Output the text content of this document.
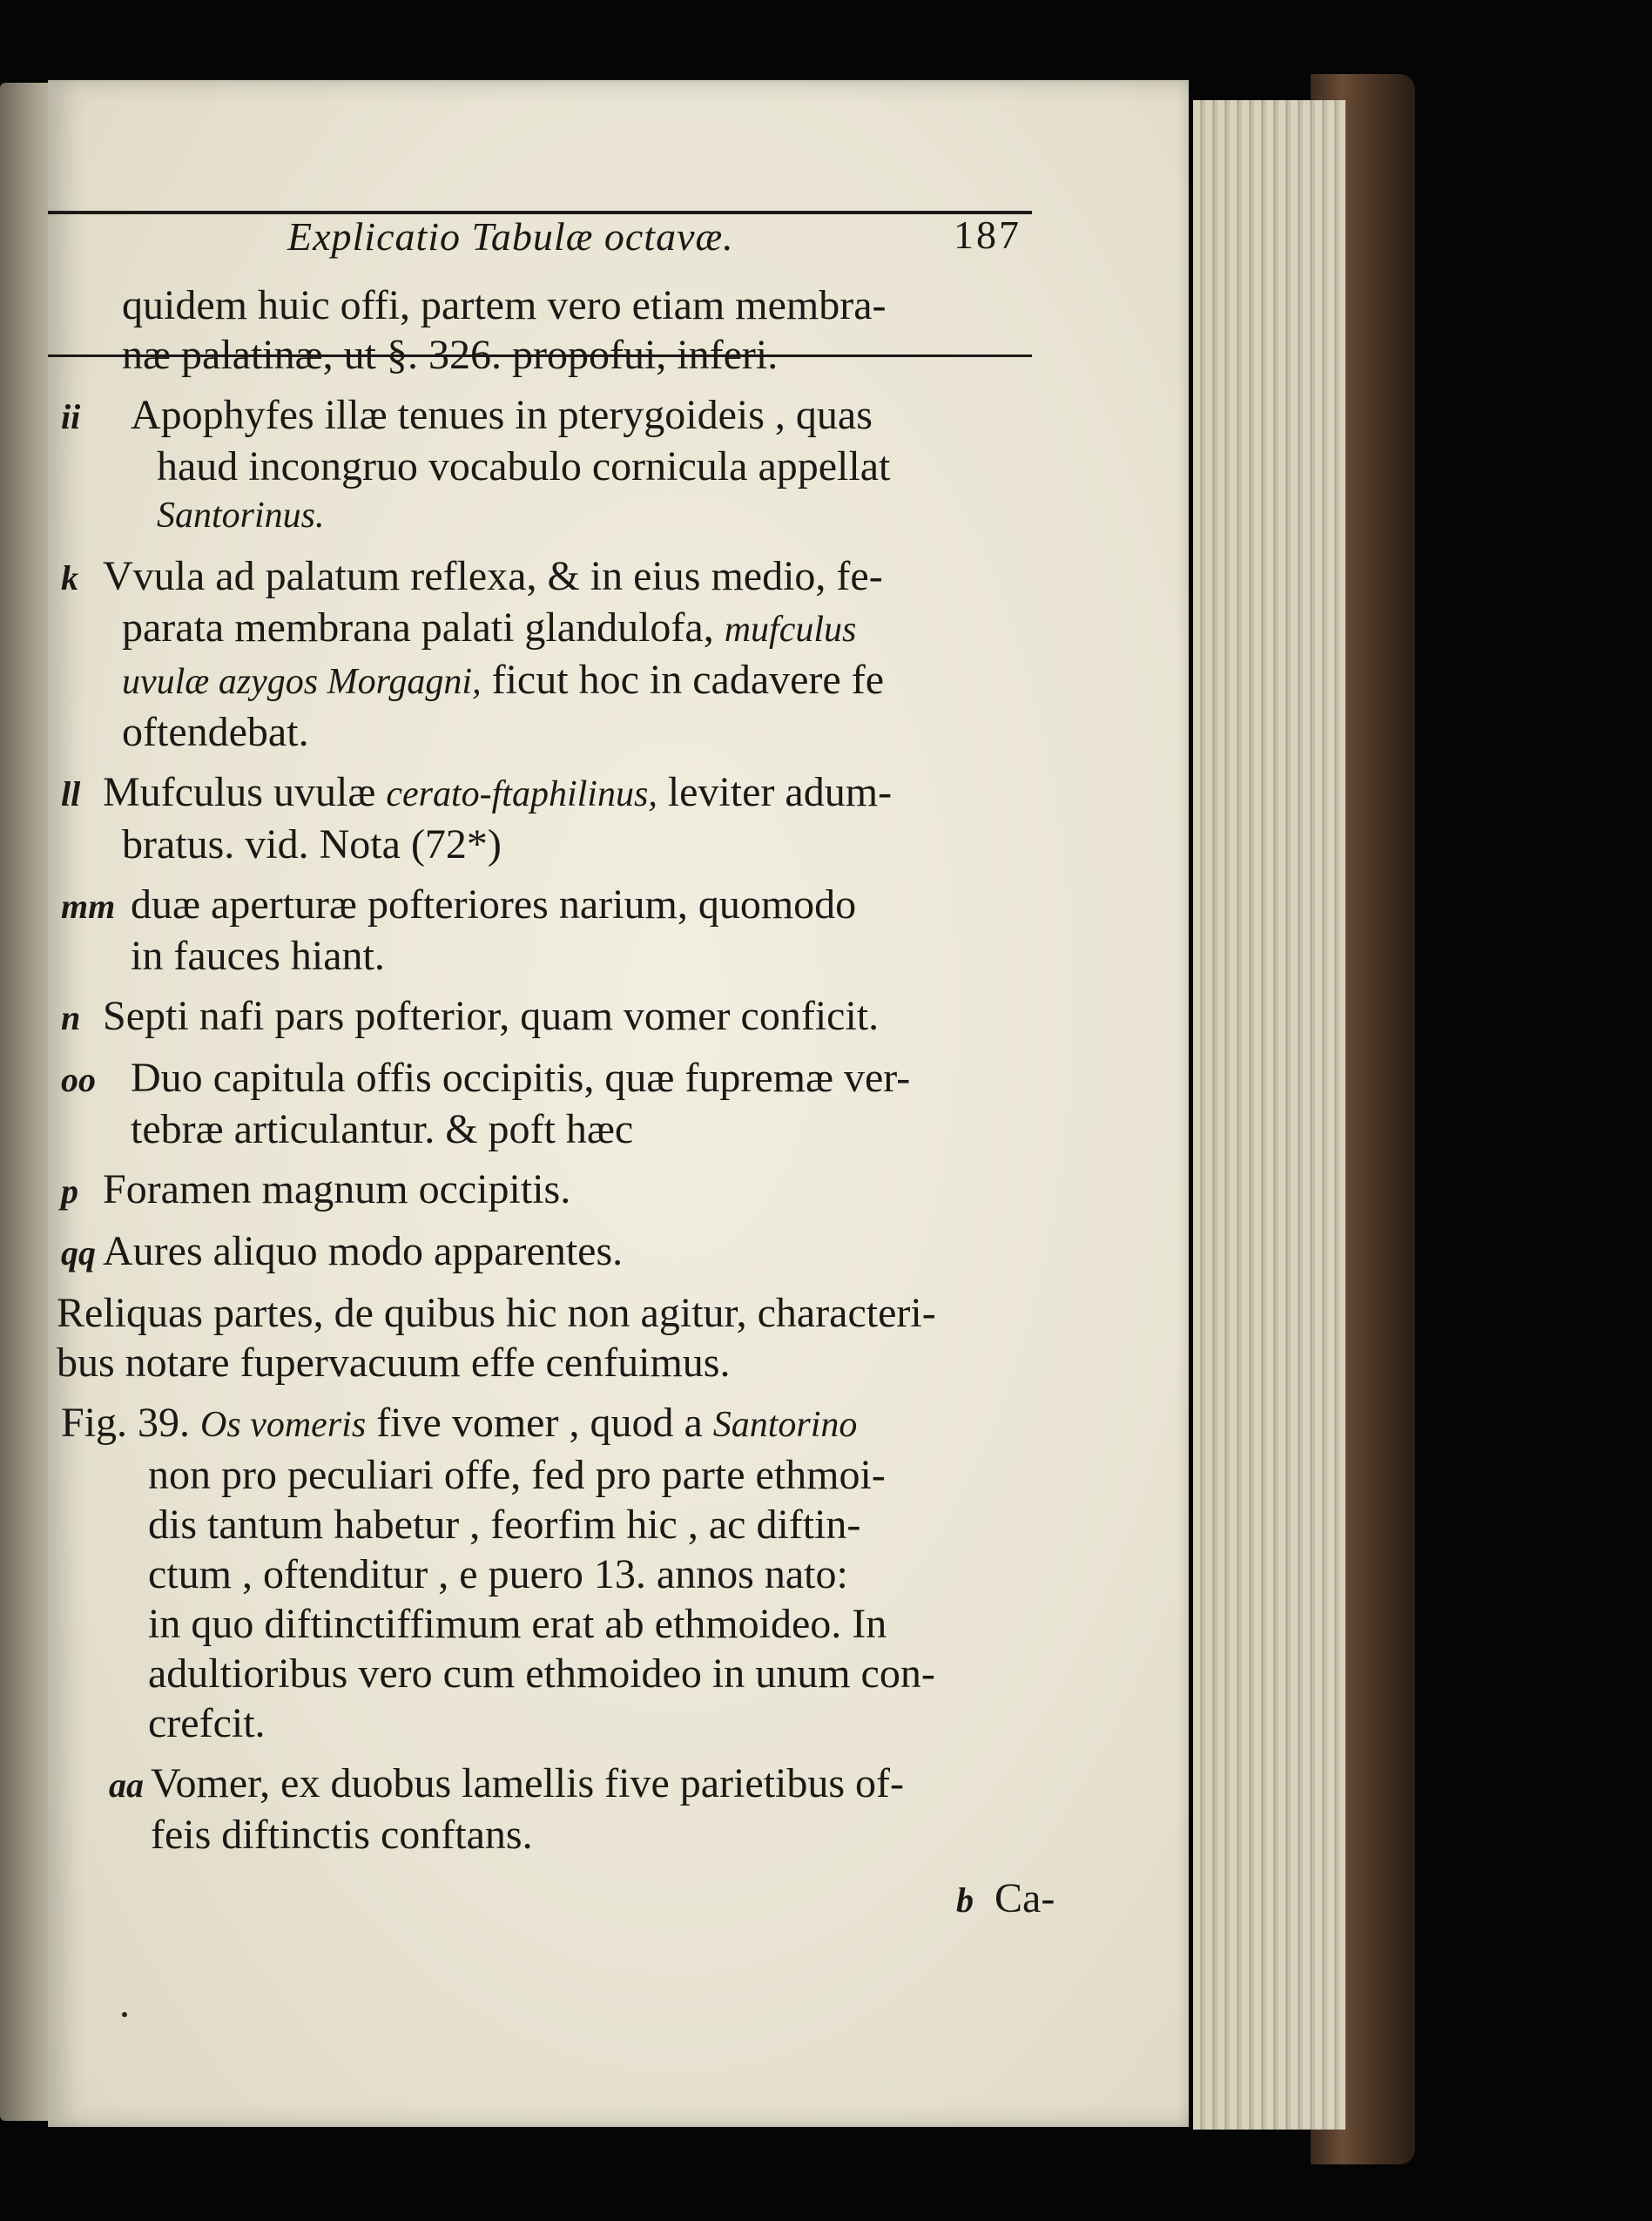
Explicatio Tabulæ octavæ.	187
quidem huic offi, partem vero etiam membra-
næ palatinæ, ut §. 326. propofui, inferi.
ii Apophyfes illæ tenues in pterygoideis , quas
haud incongruo vocabulo cornicula appellat
Santorinus.
k Vvula ad palatum reflexa, & in eius medio, fe-
parata membrana palati glandulofa, mufculus
uvulæ azygos Morgagni, ficut hoc in cadavere fe
oftendebat.
ll Mufculus uvulæ cerato-ftaphilinus, leviter adum-
bratus. vid. Nota (72*)
mm duæ aperturæ pofteriores narium, quomodo
in fauces hiant.
n Septi nafi pars pofterior, quam vomer conficit.
oo Duo capitula offis occipitis, quæ fupremæ ver-
tebræ articulantur. & poft hæc
p Foramen magnum occipitis.
qq Aures aliquo modo apparentes.
Reliquas partes, de quibus hic non agitur, characteri-
bus notare fupervacuum effe cenfuimus.
Fig. 39. Os vomeris five vomer , quod a Santorino
non pro peculiari offe, fed pro parte ethmoi-
dis tantum habetur , feorfim hic , ac diftin-
ctum , oftenditur , e puero 13. annos nato:
in quo diftinctiffimum erat ab ethmoideo. In
adultioribus vero cum ethmoideo in unum con-
crefcit.
aa Vomer, ex duobus lamellis five parietibus of-
feis diftinctis conftans.
b Ca-
